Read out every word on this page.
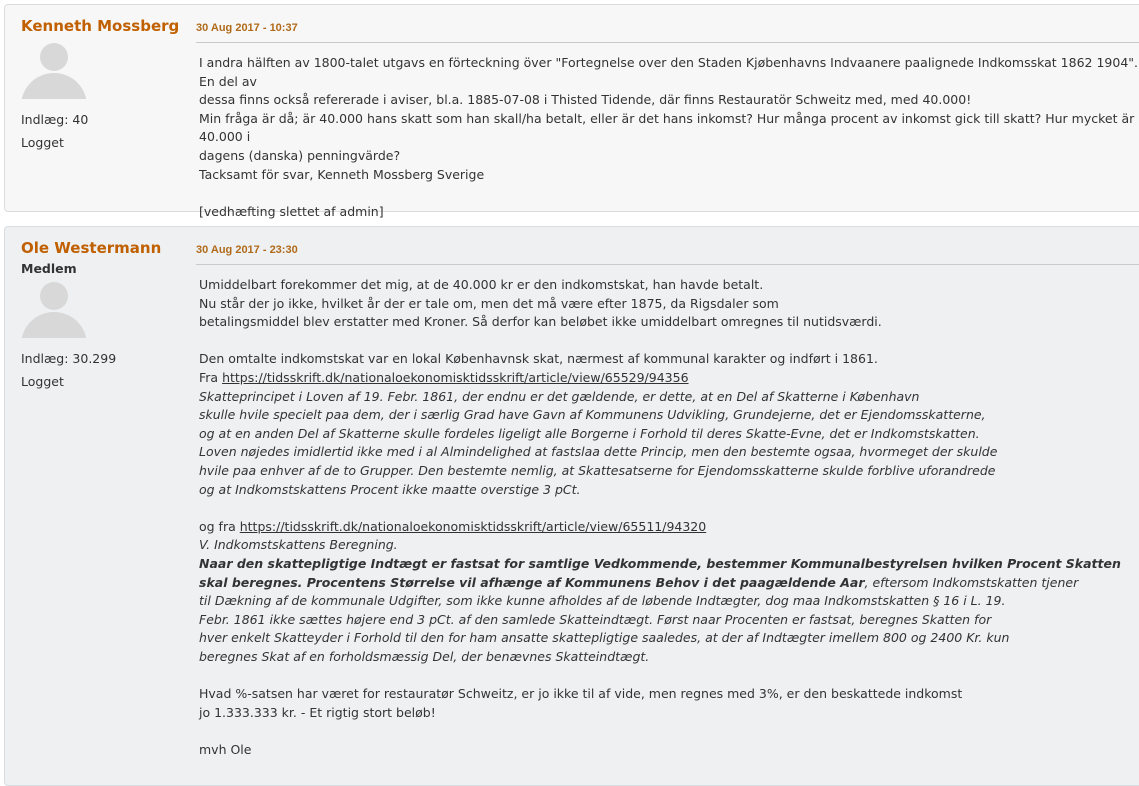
Kenneth Mossberg
Indlæg: 40
Logget
30 Aug 2017 - 10:37
I andra hälften av 1800-talet utgavs en förteckning över "Fortegnelse over den Staden Kjøbenhavns Indvaanere paalignede Indkomsskat 1862 1904". En del av
dessa finns också refererade i aviser, bl.a. 1885-07-08 i Thisted Tidende, där finns Restauratör Schweitz med, med 40.000!
Min fråga är då; är 40.000 hans skatt som han skall/ha betalt, eller är det hans inkomst? Hur många procent av inkomst gick till skatt? Hur mycket är 40.000 i
dagens (danska) penningvärde?
Tacksamt för svar, Kenneth Mossberg Sverige
[vedhæfting slettet af admin]
Ole Westermann
Medlem
Indlæg: 30.299
Logget
30 Aug 2017 - 23:30
Umiddelbart forekommer det mig, at de 40.000 kr er den indkomstskat, han havde betalt.
Nu står der jo ikke, hvilket år der er tale om, men det må være efter 1875, da Rigsdaler som
betalingsmiddel blev erstatter med Kroner. Så derfor kan beløbet ikke umiddelbart omregnes til nutidsværdi.
Den omtalte indkomstskat var en lokal Københavnsk skat, nærmest af kommunal karakter og indført i 1861.
Fra https://tidsskrift.dk/nationaloekonomisktidsskrift/article/view/65529/94356
Skatteprincipet i Loven af 19. Febr. 1861, der endnu er det gældende, er dette, at en Del af Skatterne i København
skulle hvile specielt paa dem, der i særlig Grad have Gavn af Kommunens Udvikling, Grundejerne, det er Ejendomsskatterne,
og at en anden Del af Skatterne skulle fordeles ligeligt alle Borgerne i Forhold til deres Skatte-Evne, det er Indkomstskatten.
Loven nøjedes imidlertid ikke med i al Almindelighed at fastslaa dette Princip, men den bestemte ogsaa, hvormeget der skulde
hvile paa enhver af de to Grupper. Den bestemte nemlig, at Skattesatserne for Ejendomsskatterne skulde forblive uforandrede
og at Indkomstskattens Procent ikke maatte overstige 3 pCt.
og fra https://tidsskrift.dk/nationaloekonomisktidsskrift/article/view/65511/94320
V. Indkomstskattens Beregning.
Naar den skattepligtige Indtægt er fastsat for samtlige Vedkommende, bestemmer Kommunalbestyrelsen hvilken Procent Skatten
skal beregnes. Procentens Størrelse vil afhænge af Kommunens Behov i det paagældende Aar, eftersom Indkomstskatten tjener
til Dækning af de kommunale Udgifter, som ikke kunne afholdes af de løbende Indtægter, dog maa Indkomstskatten § 16 i L. 19.
Febr. 1861 ikke sættes højere end 3 pCt. af den samlede Skatteindtægt. Først naar Procenten er fastsat, beregnes Skatten for
hver enkelt Skatteyder i Forhold til den for ham ansatte skattepligtige saaledes, at der af Indtægter imellem 800 og 2400 Kr. kun
beregnes Skat af en forholdsmæssig Del, der benævnes Skatteindtægt.
Hvad %-satsen har været for restauratør Schweitz, er jo ikke til af vide, men regnes med 3%, er den beskattede indkomst
jo 1.333.333 kr. - Et rigtig stort beløb!
mvh Ole
